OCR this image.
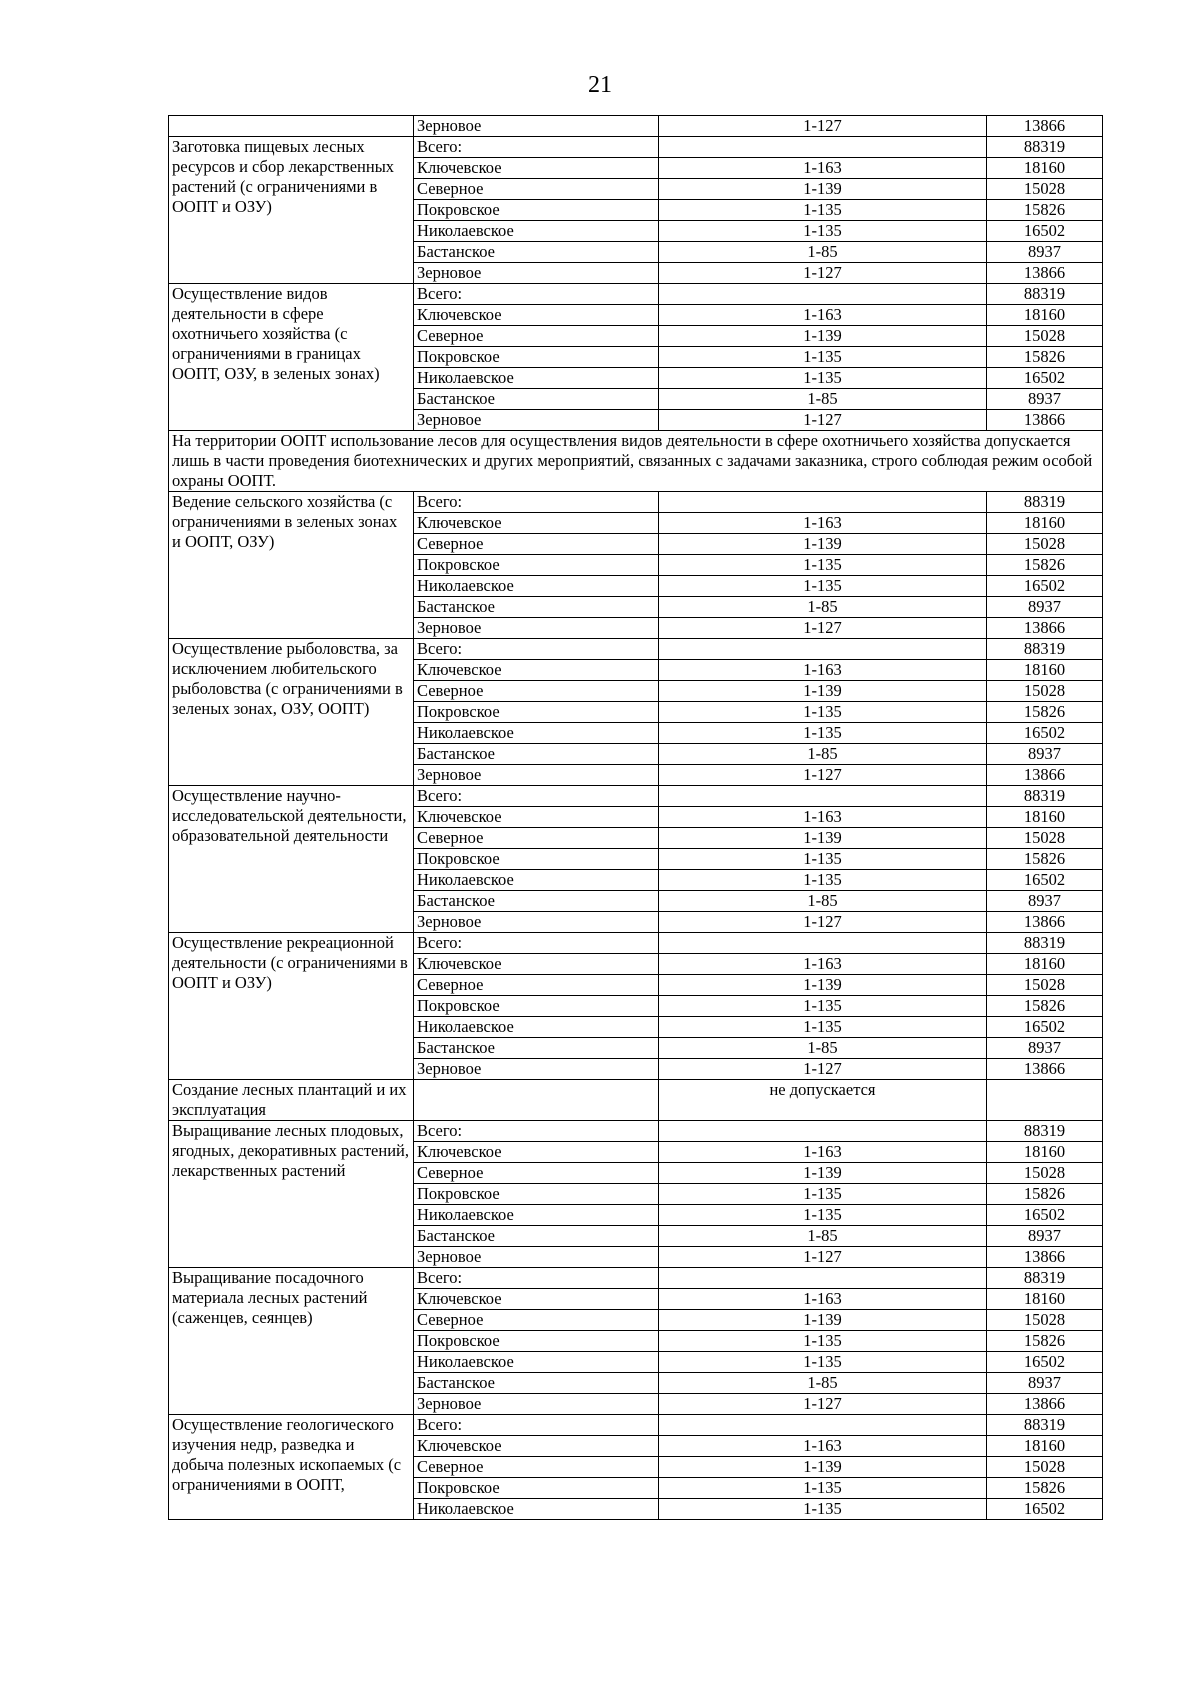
21
	Зерновое	1-127	13866
Заготовка пищевых лесных ресурсов и сбор лекарственных растений (с ограничениями в ООПТ и ОЗУ)	Всего:		88319
	Ключевское	1-163	18160
	Северное	1-139	15028
	Покровское	1-135	15826
	Николаевское	1-135	16502
	Бастанское	1-85	8937
	Зерновое	1-127	13866
Осуществление видов деятельности в сфере охотничьего хозяйства (с ограничениями в границах ООПТ, ОЗУ, в зеленых зонах)	Всего:		88319
	Ключевское	1-163	18160
	Северное	1-139	15028
	Покровское	1-135	15826
	Николаевское	1-135	16502
	Бастанское	1-85	8937
	Зерновое	1-127	13866
На территории ООПТ использование лесов для осуществления видов деятельности в сфере охотничьего хозяйства допускается лишь в части проведения биотехнических и других мероприятий, связанных с задачами заказника, строго соблюдая режим особой охраны ООПТ.			
Ведение сельского хозяйства (с ограничениями в зеленых зонах и ООПТ, ОЗУ)	Всего:		88319
	Ключевское	1-163	18160
	Северное	1-139	15028
	Покровское	1-135	15826
	Николаевское	1-135	16502
	Бастанское	1-85	8937
	Зерновое	1-127	13866
Осуществление рыболовства, за исключением любительского рыболовства (с ограничениями в зеленых зонах, ОЗУ, ООПТ)	Всего:		88319
	Ключевское	1-163	18160
	Северное	1-139	15028
	Покровское	1-135	15826
	Николаевское	1-135	16502
	Бастанское	1-85	8937
	Зерновое	1-127	13866
Осуществление научно-исследовательской деятельности, образовательной деятельности	Всего:		88319
	Ключевское	1-163	18160
	Северное	1-139	15028
	Покровское	1-135	15826
	Николаевское	1-135	16502
	Бастанское	1-85	8937
	Зерновое	1-127	13866
Осуществление рекреационной деятельности (с ограничениями в ООПТ и ОЗУ)	Всего:		88319
	Ключевское	1-163	18160
	Северное	1-139	15028
	Покровское	1-135	15826
	Николаевское	1-135	16502
	Бастанское	1-85	8937
	Зерновое	1-127	13866
Создание лесных плантаций и их эксплуатация		не допускается	
Выращивание лесных плодовых, ягодных, декоративных растений, лекарственных растений	Всего:		88319
	Ключевское	1-163	18160
	Северное	1-139	15028
	Покровское	1-135	15826
	Николаевское	1-135	16502
	Бастанское	1-85	8937
	Зерновое	1-127	13866
Выращивание посадочного материала лесных растений (саженцев, сеянцев)	Всего:		88319
	Ключевское	1-163	18160
	Северное	1-139	15028
	Покровское	1-135	15826
	Николаевское	1-135	16502
	Бастанское	1-85	8937
	Зерновое	1-127	13866
Осуществление геологического изучения недр, разведка и добыча полезных ископаемых (с ограничениями в ООПТ,	Всего:		88319
	Ключевское	1-163	18160
	Северное	1-139	15028
	Покровское	1-135	15826
	Николаевское	1-135	16502
